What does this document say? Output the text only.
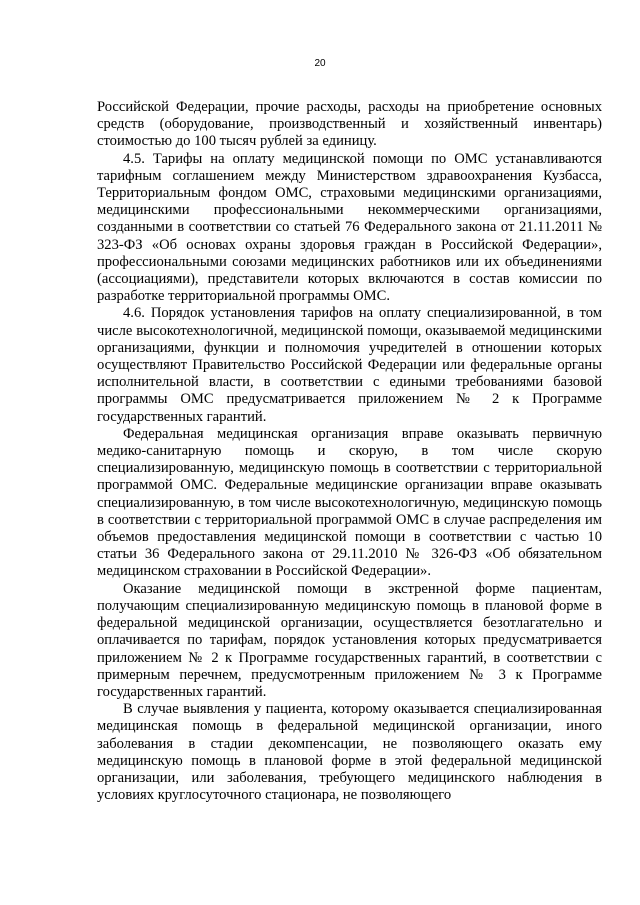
20

Российской Федерации, прочие расходы, расходы на приобретение основных средств (оборудование, производственный и хозяйственный инвентарь) стоимостью до 100 тысяч рублей за единицу.

4.5. Тарифы на оплату медицинской помощи по ОМС устанавливаются тарифным соглашением между Министерством здравоохранения Кузбасса, Территориальным фондом ОМС, страховыми медицинскими организациями, медицинскими профессиональными некоммерческими организациями, созданными в соответствии со статьей 76 Федерального закона от 21.11.2011 № 323-ФЗ «Об основах охраны здоровья граждан в Российской Федерации», профессиональными союзами медицинских работников или их объединениями (ассоциациями), представители которых включаются в состав комиссии по разработке территориальной программы ОМС.

4.6. Порядок установления тарифов на оплату специализированной, в том числе высокотехнологичной, медицинской помощи, оказываемой медицинскими организациями, функции и полномочия учредителей в отношении которых осуществляют Правительство Российской Федерации или федеральные органы исполнительной власти, в соответствии с едиными требованиями базовой программы ОМС предусматривается приложением № 2 к Программе государственных гарантий.

Федеральная медицинская организация вправе оказывать первичную медико-санитарную помощь и скорую, в том числе скорую специализированную, медицинскую помощь в соответствии с территориальной программой ОМС. Федеральные медицинские организации вправе оказывать специализированную, в том числе высокотехнологичную, медицинскую помощь в соответствии с территориальной программой ОМС в случае распределения им объемов предоставления медицинской помощи в соответствии с частью 10 статьи 36 Федерального закона от 29.11.2010 № 326-ФЗ «Об обязательном медицинском страховании в Российской Федерации».

Оказание медицинской помощи в экстренной форме пациентам, получающим специализированную медицинскую помощь в плановой форме в федеральной медицинской организации, осуществляется безотлагательно и оплачивается по тарифам, порядок установления которых предусматривается приложением № 2 к Программе государственных гарантий, в соответствии с примерным перечнем, предусмотренным приложением № 3 к Программе государственных гарантий.

В случае выявления у пациента, которому оказывается специализированная медицинская помощь в федеральной медицинской организации, иного заболевания в стадии декомпенсации, не позволяющего оказать ему медицинскую помощь в плановой форме в этой федеральной медицинской организации, или заболевания, требующего медицинского наблюдения в условиях круглосуточного стационара, не позволяющего
